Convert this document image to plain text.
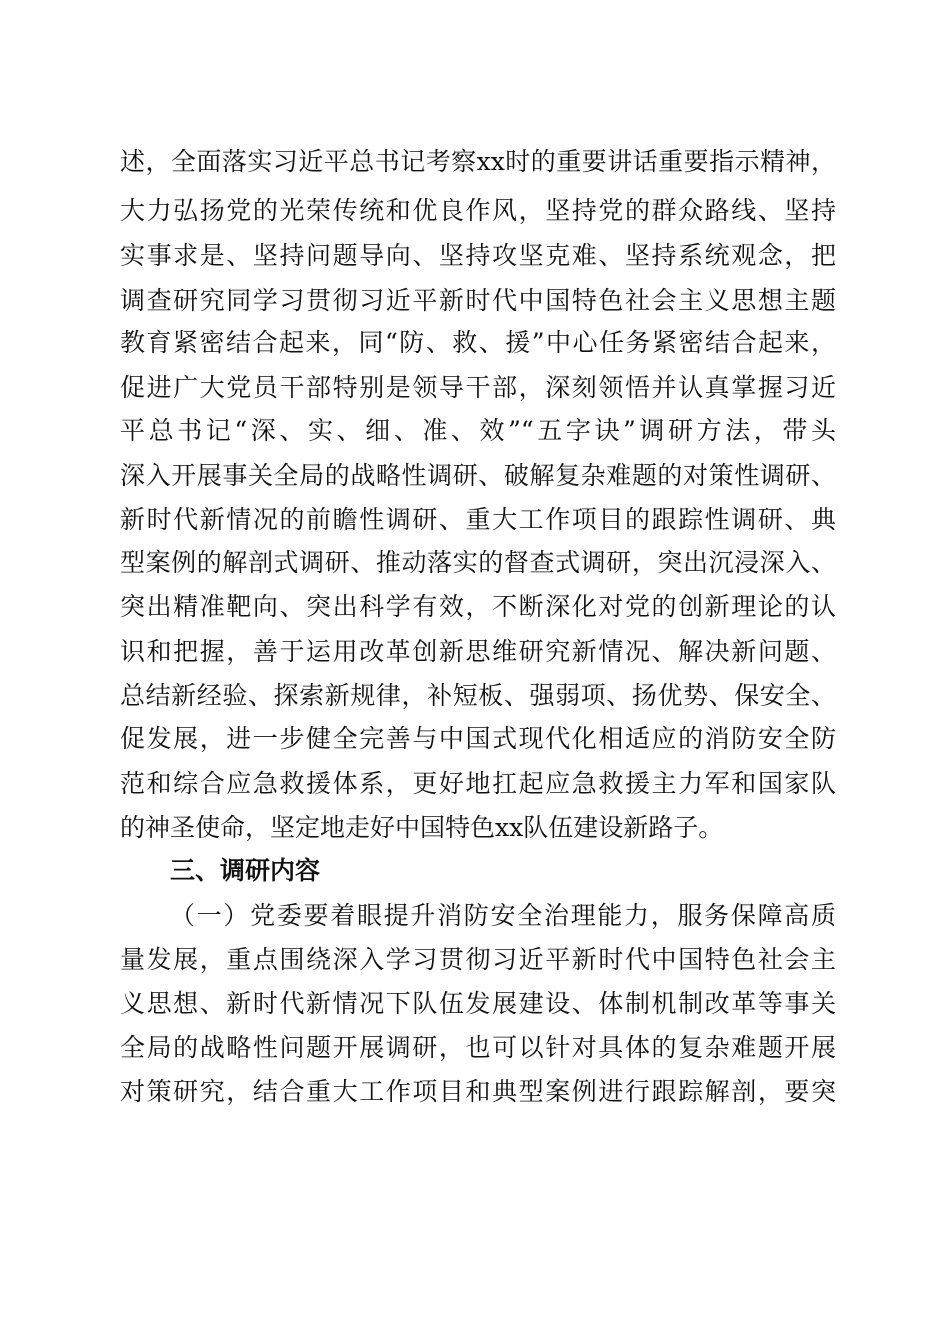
述，全面落实习近平总书记考察xx时的重要讲话重要指示精神，
大力弘扬党的光荣传统和优良作风，坚持党的群众路线、坚持
实事求是、坚持问题导向、坚持攻坚克难、坚持系统观念，把
调查研究同学习贯彻习近平新时代中国特色社会主义思想主题
教育紧密结合起来，同“防、救、援”中心任务紧密结合起来，
促进广大党员干部特别是领导干部，深刻领悟并认真掌握习近
平总书记“深、实、细、准、效”“五字诀”调研方法，带头
深入开展事关全局的战略性调研、破解复杂难题的对策性调研、
新时代新情况的前瞻性调研、重大工作项目的跟踪性调研、典
型案例的解剖式调研、推动落实的督查式调研，突出沉浸深入、
突出精准靶向、突出科学有效，不断深化对党的创新理论的认
识和把握，善于运用改革创新思维研究新情况、解决新问题、
总结新经验、探索新规律，补短板、强弱项、扬优势、保安全、
促发展，进一步健全完善与中国式现代化相适应的消防安全防
范和综合应急救援体系，更好地扛起应急救援主力军和国家队
的神圣使命，坚定地走好中国特色xx队伍建设新路子。
三、调研内容
（一）党委要着眼提升消防安全治理能力，服务保障高质
量发展，重点围绕深入学习贯彻习近平新时代中国特色社会主
义思想、新时代新情况下队伍发展建设、体制机制改革等事关
全局的战略性问题开展调研，也可以针对具体的复杂难题开展
对策研究，结合重大工作项目和典型案例进行跟踪解剖，要突
